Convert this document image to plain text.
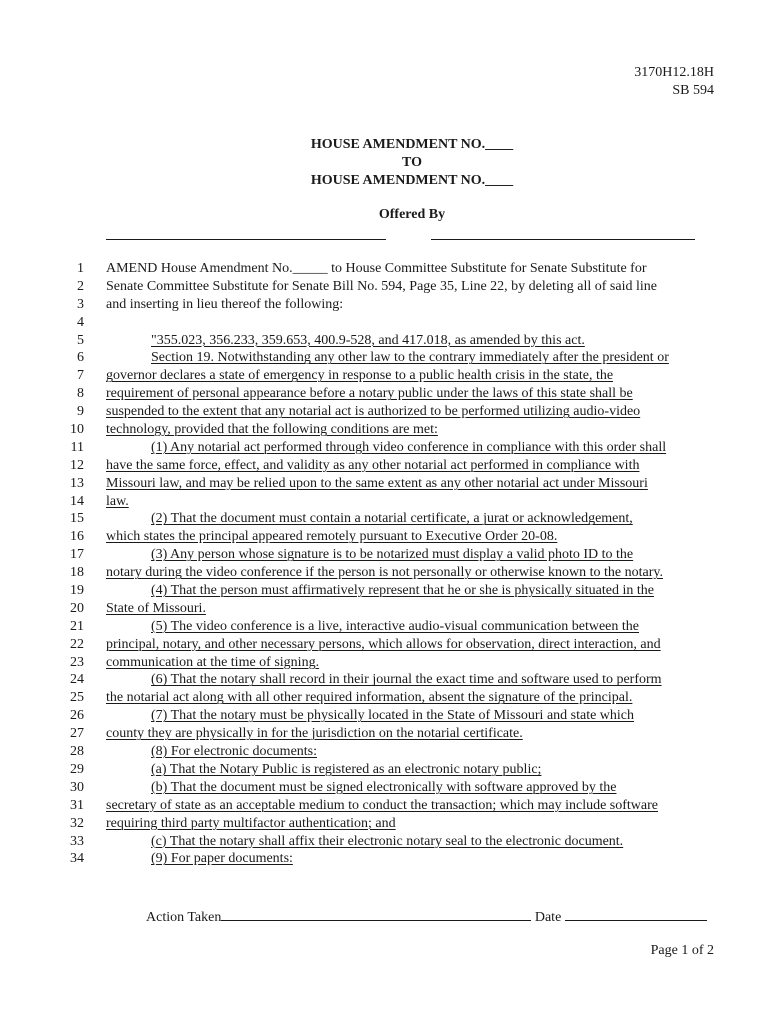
3170H12.18H
SB 594
HOUSE AMENDMENT NO.____
TO
HOUSE AMENDMENT NO.____
Offered By
1 AMEND House Amendment No._____ to House Committee Substitute for Senate Substitute for
2 Senate Committee Substitute for Senate Bill No. 594, Page 35, Line 22, by deleting all of said line
3 and inserting in lieu thereof the following:
4
5	"355.023, 356.233, 359.653, 400.9-528, and 417.018, as amended by this act.
6	Section 19. Notwithstanding any other law to the contrary immediately after the president or
7 governor declares a state of emergency in response to a public health crisis in the state, the
8 requirement of personal appearance before a notary public under the laws of this state shall be
9 suspended to the extent that any notarial act is authorized to be performed utilizing audio-video
10 technology, provided that the following conditions are met:
11	(1) Any notarial act performed through video conference in compliance with this order shall
12 have the same force, effect, and validity as any other notarial act performed in compliance with
13 Missouri law, and may be relied upon to the same extent as any other notarial act under Missouri
14 law.
15	(2) That the document must contain a notarial certificate, a jurat or acknowledgement,
16 which states the principal appeared remotely pursuant to Executive Order 20-08.
17	(3) Any person whose signature is to be notarized must display a valid photo ID to the
18 notary during the video conference if the person is not personally or otherwise known to the notary.
19	(4) That the person must affirmatively represent that he or she is physically situated in the
20 State of Missouri.
21	(5) The video conference is a live, interactive audio-visual communication between the
22 principal, notary, and other necessary persons, which allows for observation, direct interaction, and
23 communication at the time of signing.
24	(6) That the notary shall record in their journal the exact time and software used to perform
25 the notarial act along with all other required information, absent the signature of the principal.
26	(7) That the notary must be physically located in the State of Missouri and state which
27 county they are physically in for the jurisdiction on the notarial certificate.
28	(8) For electronic documents:
29	(a) That the Notary Public is registered as an electronic notary public;
30	(b) That the document must be signed electronically with software approved by the
31 secretary of state as an acceptable medium to conduct the transaction; which may include software
32 requiring third party multifactor authentication; and
33	(c) That the notary shall affix their electronic notary seal to the electronic document.
34	(9) For paper documents:
Action Taken	Date
Page 1 of 2
